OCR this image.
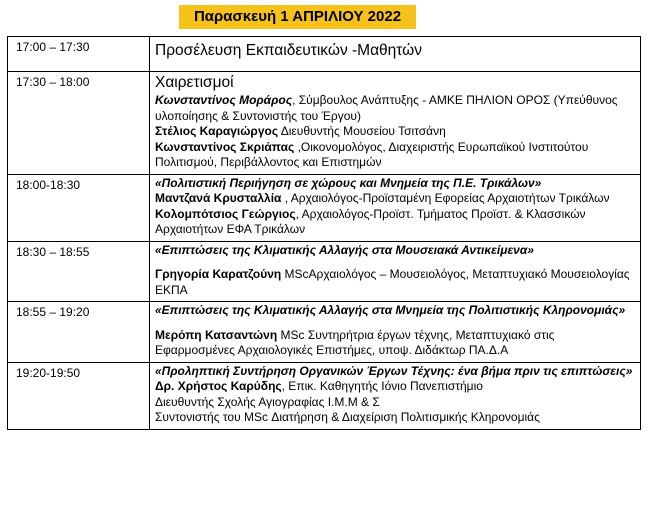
Παρασκευή 1 ΑΠΡΙΛΙΟΥ 2022
17:00 – 17:30	Προσέλευση Εκπαιδευτικών -Μαθητών

17:30 – 18:00	Χαιρετισμοί
Κωνσταντίνος Μοράρος, Σύμβουλος Ανάπτυξης - ΑΜΚΕ ΠΗΛΙΟΝ ΟΡΟΣ (Υπεύθυνος υλοποίησης & Συντονιστής του Έργου)
Στέλιος Καραγιώργος Διευθυντής Μουσείου Τσιτσάνη
Κωνσταντίνος Σκριάπας ,Οικονομολόγος, Διαχειριστής Ευρωπαϊκού Ινστιτούτου Πολιτισμού, Περιβάλλοντος και Επιστημών

18:00-18:30	«Πολιτιστική Περιήγηση σε χώρους και Μνημεία της Π.Ε. Τρικάλων»
Μαντζανά Κρυσταλλία , Αρχαιολόγος-Προϊσταμένη Εφορείας Αρχαιοτήτων Τρικάλων
Κολομπότσιος Γεώργιος, Αρχαιολόγος-Προϊστ. Τμήματος Προϊστ. & Κλασσικών Αρχαιοτήτων ΕΦΑ Τρικάλων

18:30 – 18:55	«Επιπτώσεις της Κλιματικής Αλλαγής στα Μουσειακά Αντικείμενα»
Γρηγορία Καρατζούνη MScΑρχαιολόγος – Μουσειολόγος, Μεταπτυχιακό Μουσειολογίας ΕΚΠΑ

18:55 – 19:20	«Επιπτώσεις της Κλιματικής Αλλαγής στα Μνημεία της Πολιτιστικής Κληρονομιάς»
Μερόπη Κατσαντώνη MSc Συντηρήτρια έργων τέχνης, Μεταπτυχιακό στις Εφαρμοσμένες Αρχαιολογικές Επιστήμες, υποψ. Διδάκτωρ ΠΑ.Δ.Α

19:20-19:50	«Προληπτική Συντήρηση Οργανικών Έργων Τέχνης: ένα βήμα πριν τις επιπτώσεις»
Δρ. Χρήστος Καρύδης, Επικ. Καθηγητής Ιόνιο Πανεπιστήμιο
Διευθυντής Σχολής Αγιογραφίας Ι.Μ.Μ & Σ
Συντονιστής του MSc Διατήρηση & Διαχείριση Πολιτισμικής Κληρονομιάς
